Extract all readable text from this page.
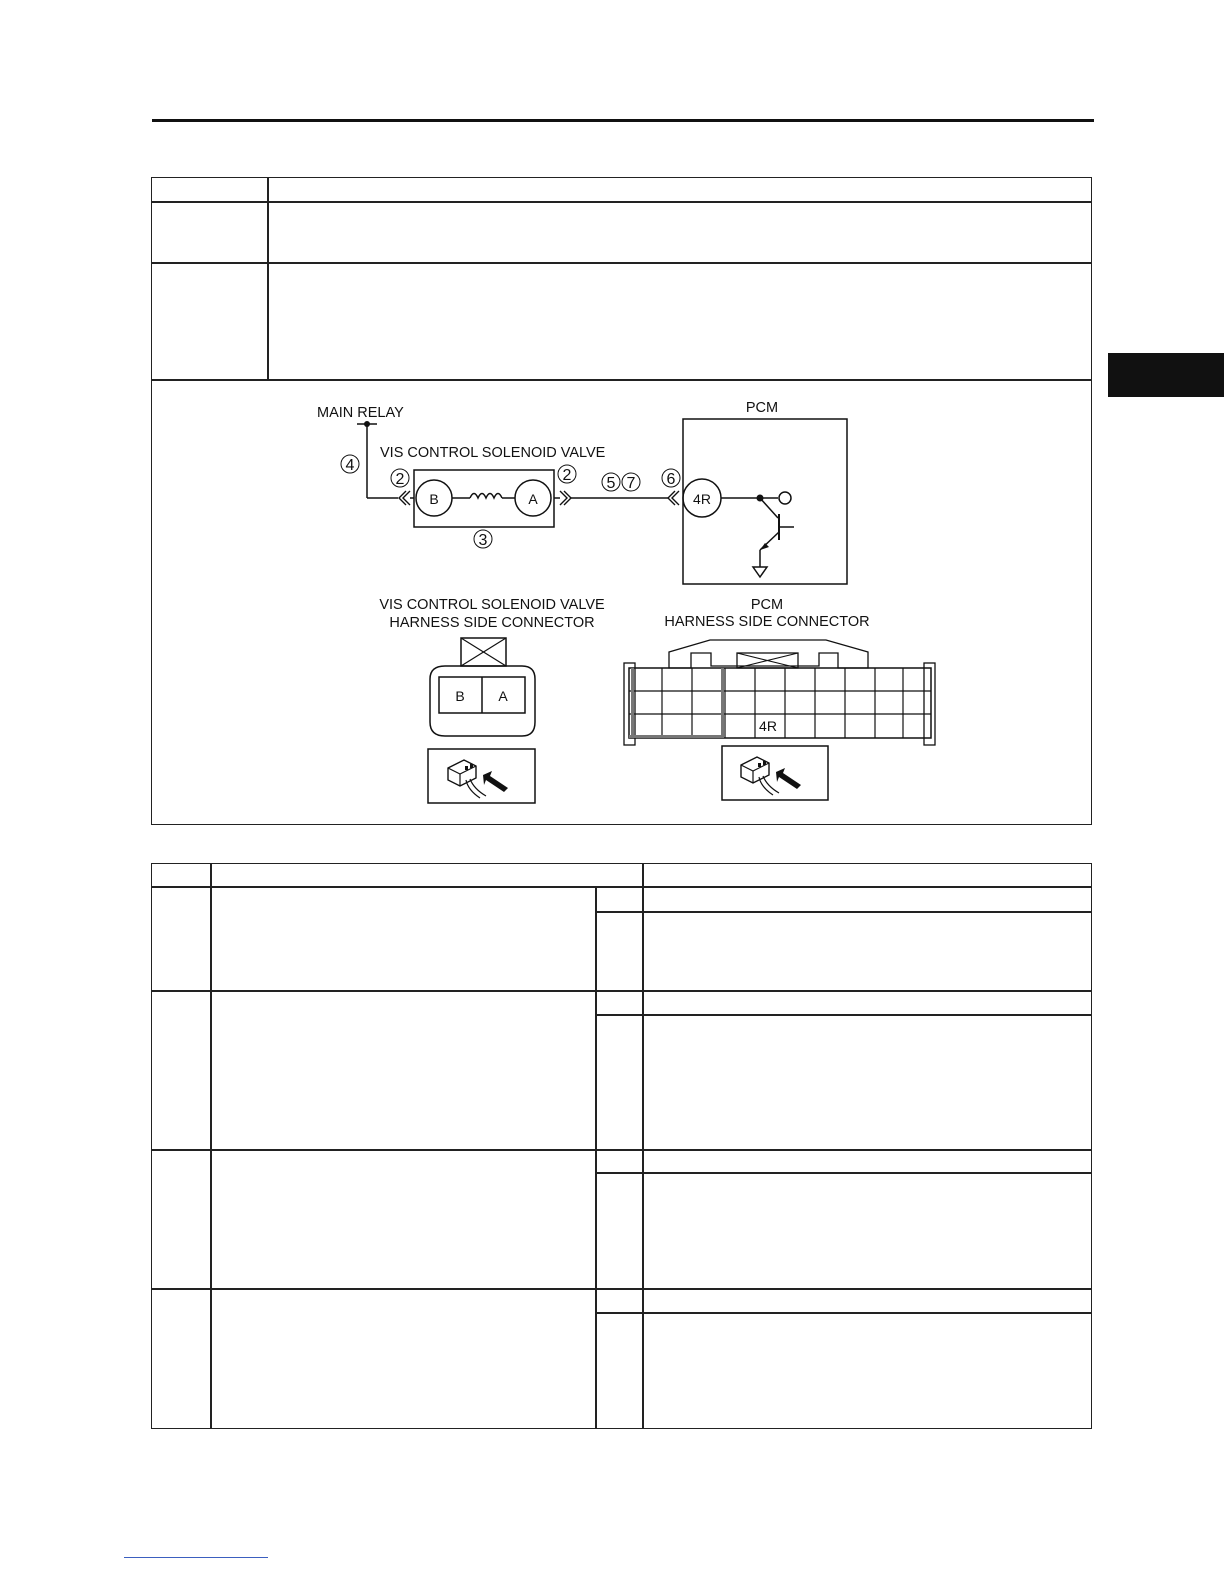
MAIN RELAY
4
VIS CONTROL SOLENOID VALVE
2
B	A
3
2 5 7 6
PCM
4R
VIS CONTROL SOLENOID VALVE
HARNESS SIDE CONNECTOR
PCM
HARNESS SIDE CONNECTOR
B A
4R
